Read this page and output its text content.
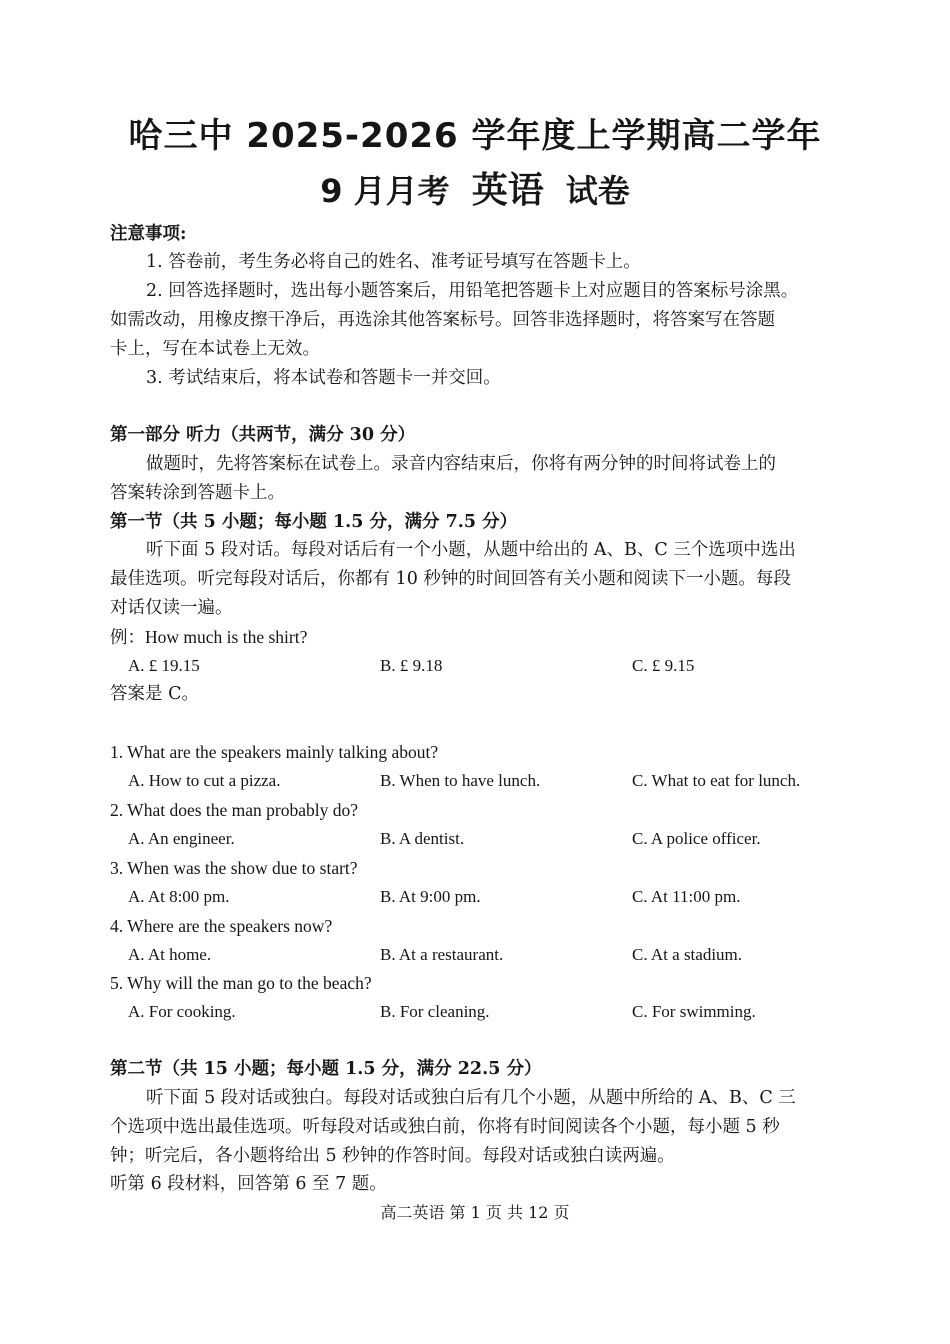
哈三中 2025-2026 学年度上学期高二学年
9 月月考 英语 试卷
注意事项:
1. 答卷前，考生务必将自己的姓名、准考证号填写在答题卡上。
2. 回答选择题时，选出每小题答案后，用铅笔把答题卡上对应题目的答案标号涂黑。
如需改动，用橡皮擦干净后，再选涂其他答案标号。回答非选择题时，将答案写在答题
卡上，写在本试卷上无效。
3. 考试结束后，将本试卷和答题卡一并交回。
第一部分 听力（共两节，满分 30 分）
做题时，先将答案标在试卷上。录音内容结束后，你将有两分钟的时间将试卷上的
答案转涂到答题卡上。
第一节（共 5 小题；每小题 1.5 分，满分 7.5 分）
听下面 5 段对话。每段对话后有一个小题，从题中给出的 A、B、C 三个选项中选出
最佳选项。听完每段对话后，你都有 10 秒钟的时间回答有关小题和阅读下一小题。每段
对话仅读一遍。
例：How much is the shirt?
A. £ 19.15	B. £ 9.18	C. £ 9.15
答案是 C。
1. What are the speakers mainly talking about?
A. How to cut a pizza.	B. When to have lunch.	C. What to eat for lunch.
2. What does the man probably do?
A. An engineer.	B. A dentist.	C. A police officer.
3. When was the show due to start?
A. At 8:00 pm.	B. At 9:00 pm.	C. At 11:00 pm.
4. Where are the speakers now?
A. At home.	B. At a restaurant.	C. At a stadium.
5. Why will the man go to the beach?
A. For cooking.	B. For cleaning.	C. For swimming.
第二节（共 15 小题；每小题 1.5 分，满分 22.5 分）
听下面 5 段对话或独白。每段对话或独白后有几个小题，从题中所给的 A、B、C 三
个选项中选出最佳选项。听每段对话或独白前，你将有时间阅读各个小题，每小题 5 秒
钟；听完后，各小题将给出 5 秒钟的作答时间。每段对话或独白读两遍。
听第 6 段材料，回答第 6 至 7 题。
高二英语 第 1 页 共 12 页
